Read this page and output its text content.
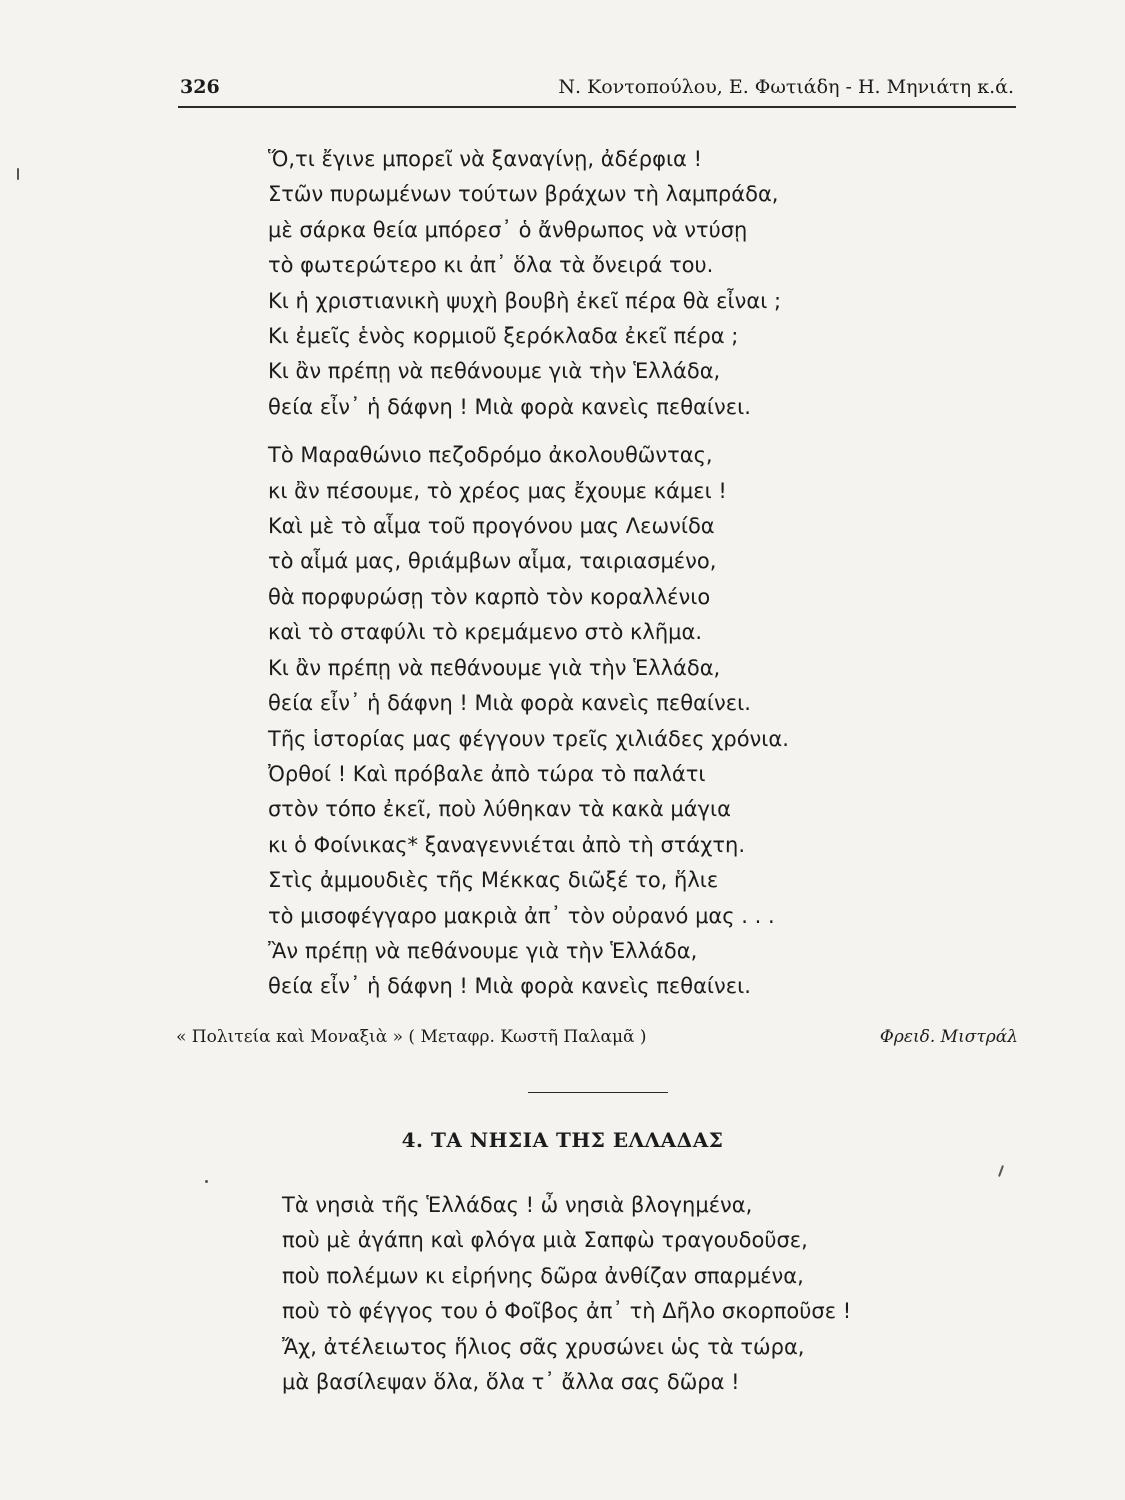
326	Ν. Κοντοπούλου, Ε. Φωτιάδη - Η. Μηνιάτη κ.ά.
Ὅ,τι ἔγινε μπορεῖ νὰ ξαναγίνῃ, ἀδέρφια !
Στῶν πυρωμένων τούτων βράχων τὴ λαμπράδα,
μὲ σάρκα θεία μπόρεσ᾿ ὁ ἄνθρωπος νὰ ντύσῃ
τὸ φωτερώτερο κι ἀπ᾿ ὅλα τὰ ὄνειρά του.
Κι ἡ χριστιανικὴ ψυχὴ βουβὴ ἐκεῖ πέρα θὰ εἶναι ;
Κι ἐμεῖς ἑνὸς κορμιοῦ ξερόκλαδα ἐκεῖ πέρα ;
Κι ἂν πρέπῃ νὰ πεθάνουμε γιὰ τὴν Ἑλλάδα,
θεία εἶν᾿ ἡ δάφνη ! Μιὰ φορὰ κανεὶς πεθαίνει.
Τὸ Μαραθώνιο πεζοδρόμο ἀκολουθῶντας,
κι ἂν πέσουμε, τὸ χρέος μας ἔχουμε κάμει !
Καὶ μὲ τὸ αἷμα τοῦ προγόνου μας Λεωνίδα
τὸ αἷμά μας, θριάμβων αἷμα, ταιριασμένο,
θὰ πορφυρώσῃ τὸν καρπὸ τὸν κοραλλένιο
καὶ τὸ σταφύλι τὸ κρεμάμενο στὸ κλῆμα.
Κι ἂν πρέπῃ νὰ πεθάνουμε γιὰ τὴν Ἑλλάδα,
θεία εἶν᾿ ἡ δάφνη ! Μιὰ φορὰ κανεὶς πεθαίνει.
Τῆς ἱστορίας μας φέγγουν τρεῖς χιλιάδες χρόνια.
Ὀρθοί ! Καὶ πρόβαλε ἀπὸ τώρα τὸ παλάτι
στὸν τόπο ἐκεῖ, ποὺ λύθηκαν τὰ κακὰ μάγια
κι ὁ Φοίνικας* ξαναγεννιέται ἀπὸ τὴ στάχτη.
Στὶς ἀμμουδιὲς τῆς Μέκκας διῶξέ το, ἥλιε
τὸ μισοφέγγαρο μακριὰ ἀπ᾿ τὸν οὐρανό μας . . .
Ἂν πρέπῃ νὰ πεθάνουμε γιὰ τὴν Ἑλλάδα,
θεία εἶν᾿ ἡ δάφνη ! Μιὰ φορὰ κανεὶς πεθαίνει.
« Πολιτεία καὶ Μοναξιὰ » ( Μεταφρ. Κωστῆ Παλαμᾶ )	Φρειδ. Μιστράλ
4. ΤΑ ΝΗΣΙΑ ΤΗΣ ΕΛΛΑΔΑΣ
Τὰ νησιὰ τῆς Ἑλλάδας ! ὦ νησιὰ βλογημένα,
ποὺ μὲ ἀγάπη καὶ φλόγα μιὰ Σαπφὼ τραγουδοῦσε,
ποὺ πολέμων κι εἰρήνης δῶρα ἀνθίζαν σπαρμένα,
ποὺ τὸ φέγγος του ὁ Φοῖβος ἀπ᾿ τὴ Δῆλο σκορποῦσε !
Ἄχ, ἀτέλειωτος ἥλιος σᾶς χρυσώνει ὡς τὰ τώρα,
μὰ βασίλεψαν ὅλα, ὅλα τ᾿ ἄλλα σας δῶρα !
